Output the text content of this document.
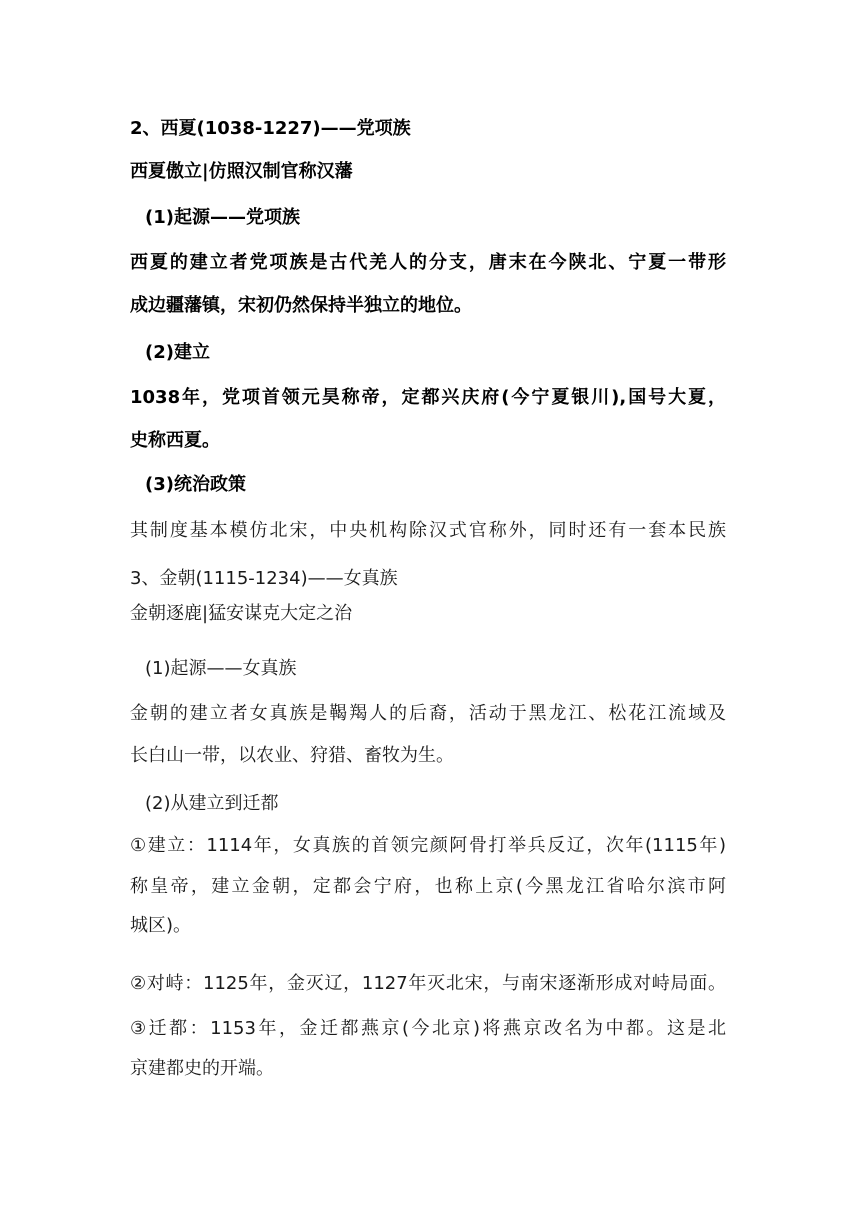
2、西夏(1038-1227)——党项族
西夏傲立|仿照汉制官称汉藩
(1)起源——党项族
西夏的建立者党项族是古代羌人的分支，唐末在今陕北、宁夏一带形
成边疆藩镇，宋初仍然保持半独立的地位。
(2)建立
1038年，党项首领元昊称帝，定都兴庆府(今宁夏银川),国号大夏，
史称西夏。
(3)统治政策
其制度基本模仿北宋，中央机构除汉式官称外，同时还有一套本民族
3、金朝(1115-1234)——女真族
金朝逐鹿|猛安谋克大定之治
(1)起源——女真族
金朝的建立者女真族是鞨羯人的后裔，活动于黑龙江、松花江流域及
长白山一带，以农业、狩猎、畜牧为生。
(2)从建立到迁都
①建立：1114年，女真族的首领完颜阿骨打举兵反辽，次年(1115年)
称皇帝，建立金朝，定都会宁府，也称上京(今黑龙江省哈尔滨市阿
城区)。
②对峙：1125年，金灭辽，1127年灭北宋，与南宋逐渐形成对峙局面。
③迁都：1153年，金迁都燕京(今北京)将燕京改名为中都。这是北
京建都史的开端。
